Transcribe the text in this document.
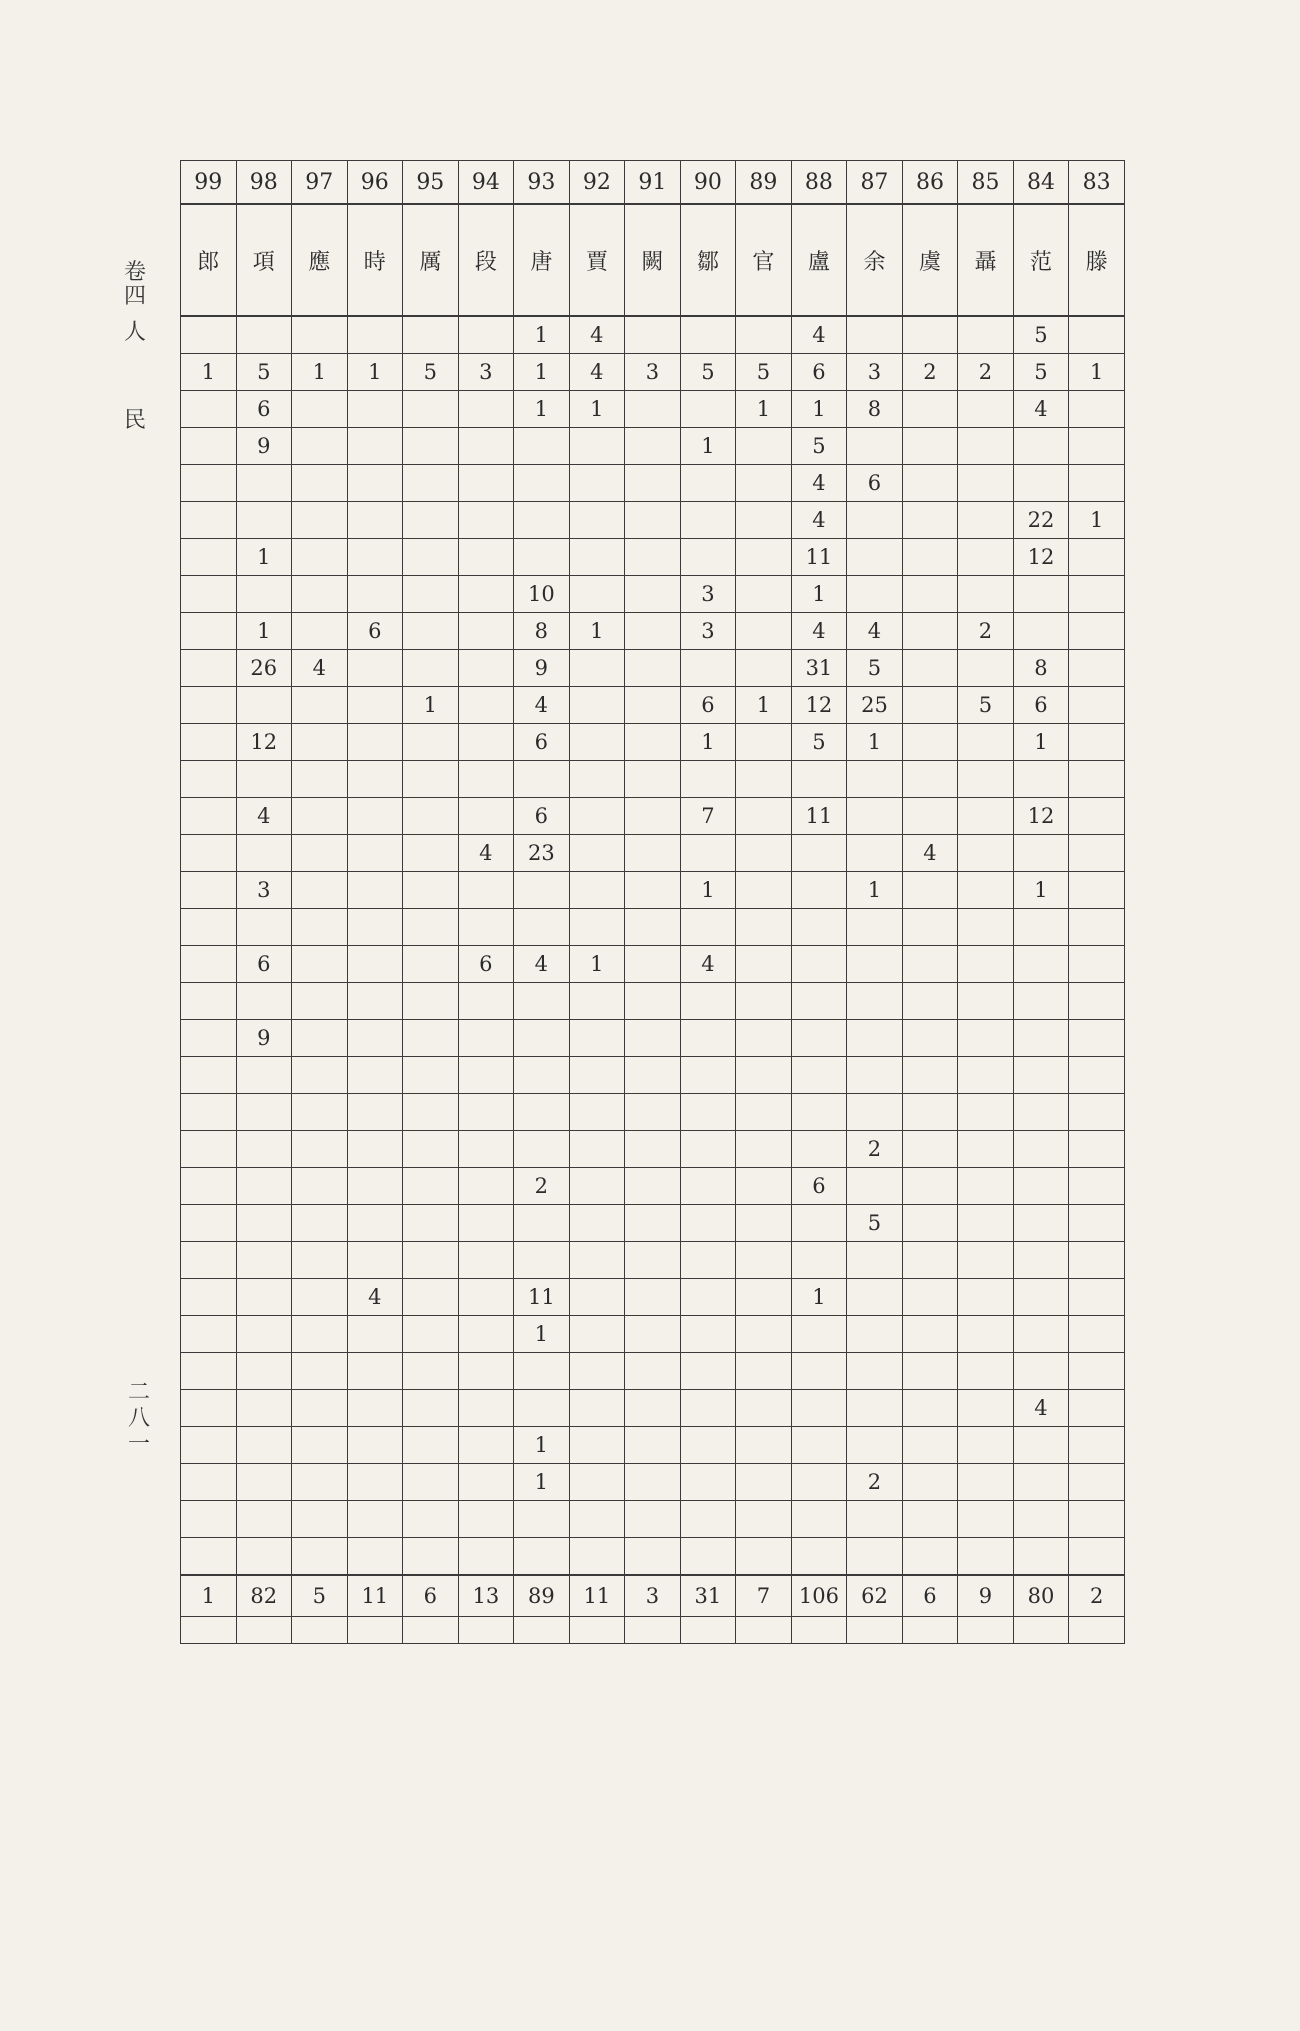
卷
四
人
民
二
八
一
99	98	97	96	95	94	93	92	91	90	89	88	87	86	85	84	83
郎	項	應	時	厲	段	唐	賈	闕	鄒	官	盧	余	虞	聶	范	滕
						1	4				4				5	
1	5	1	1	5	3	1	4	3	5	5	6	3	2	2	5	1
	6					1	1			1	1	8			4	
	9								1		5					
											4	6				
											4				22	1
	1										11				12	
						10			3		1					
	1		6			8	1		3		4	4		2		
	26	4				9					31	5			8	
				1		4			6	1	12	25		5	6	
	12					6			1		5	1			1	

	4					6			7		11				12	
					4	23							4			
	3								1			1			1	

	6				6	4	1		4							

	9															

												2				
						2					6					
												5				

			4			11					1					
						1										

															4	
						1										
						1						2				

1	82	5	11	6	13	89	11	3	31	7	106	62	6	9	80	2
